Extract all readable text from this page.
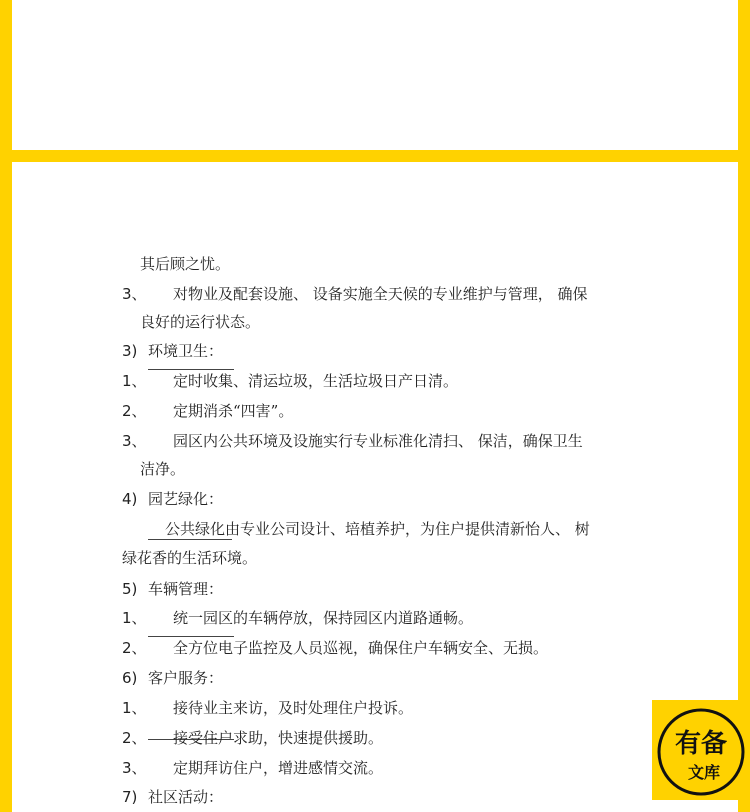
其后顾之忧。

3、 对物业及配套设施、 设备实施全天候的专业维护与管理， 确保

良好的运行状态。

3) 环境卫生：

1、 定时收集、清运垃圾，生活垃圾日产日清。

2、 定期消杀“四害”。

3、 园区内公共环境及设施实行专业标准化清扫、 保洁，确保卫生

洁净。

4) 园艺绿化：

公共绿化由专业公司设计、培植养护，为住户提供清新怡人、 树

绿花香的生活环境。

5) 车辆管理：

1、 统一园区的车辆停放，保持园区内道路通畅。

2、 全方位电子监控及人员巡视，确保住户车辆安全、无损。

6) 客户服务：

1、 接待业主来访，及时处理住户投诉。

2、 接受住户求助，快速提供援助。

3、 定期拜访住户，增进感情交流。

7) 社区活动：

有备
文库
